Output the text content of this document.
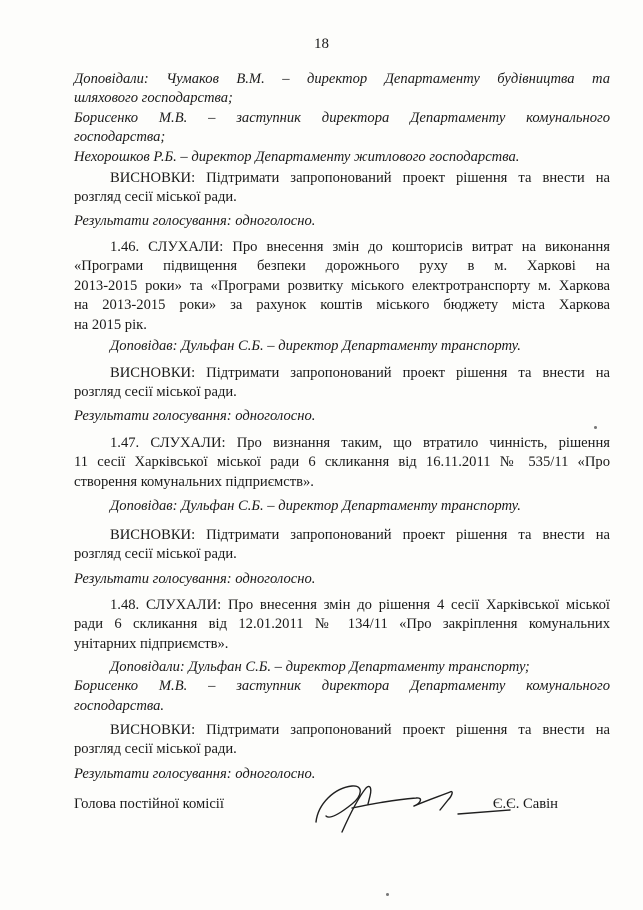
18
Доповідали: Чумаков В.М. – директор Департаменту будівництва та
шляхового господарства;
Борисенко М.В. – заступник директора Департаменту комунального
господарства;
Нехорошков Р.Б. – директор Департаменту житлового господарства.
ВИСНОВКИ: Підтримати запропонований проект рішення та внести на
розгляд сесії міської ради.
Результати голосування: одноголосно.
1.46. СЛУХАЛИ: Про внесення змін до кошторисів витрат на виконання
«Програми підвищення безпеки дорожнього руху в м. Харкові на
2013-2015 роки» та «Програми розвитку міського електротранспорту м. Харкова
на 2013-2015 роки» за рахунок коштів міського бюджету міста Харкова
на 2015 рік.
Доповідав: Дульфан С.Б. – директор Департаменту транспорту.
ВИСНОВКИ: Підтримати запропонований проект рішення та внести на
розгляд сесії міської ради.
Результати голосування: одноголосно.
1.47. СЛУХАЛИ: Про визнання таким, що втратило чинність, рішення
11 сесії Харківської міської ради 6 скликання від 16.11.2011 № 535/11 «Про
створення комунальних підприємств».
Доповідав: Дульфан С.Б. – директор Департаменту транспорту.
ВИСНОВКИ: Підтримати запропонований проект рішення та внести на
розгляд сесії міської ради.
Результати голосування: одноголосно.
1.48. СЛУХАЛИ: Про внесення змін до рішення 4 сесії Харківської міської
ради 6 скликання від 12.01.2011 № 134/11 «Про закріплення комунальних
унітарних підприємств».
Доповідали: Дульфан С.Б. – директор Департаменту транспорту;
Борисенко М.В. – заступник директора Департаменту комунального
господарства.
ВИСНОВКИ: Підтримати запропонований проект рішення та внести на
розгляд сесії міської ради.
Результати голосування: одноголосно.
Голова постійної комісії	Є.Є. Савін
